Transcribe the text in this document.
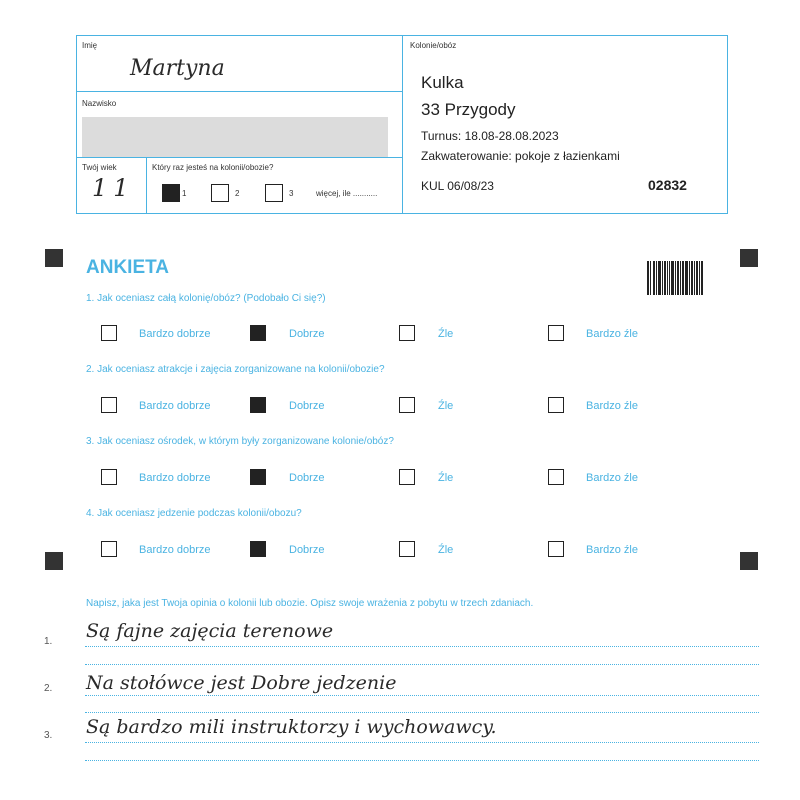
Imię
Martyna
Nazwisko
Twój wiek
11
Który raz jesteś na kolonii/obozie?
1	2	3	więcej, ile ...........
Kolonie/obóz
Kulka
33 Przygody
Turnus: 18.08-28.08.2023
Zakwaterowanie: pokoje z łazienkami
KUL 06/08/23	02832
ANKIETA
1. Jak oceniasz całą kolonię/obóz? (Podobało Ci się?)
Bardzo dobrze	Dobrze	Źle	Bardzo źle
2. Jak oceniasz atrakcje i zajęcia zorganizowane na kolonii/obozie?
Bardzo dobrze	Dobrze	Źle	Bardzo źle
3. Jak oceniasz ośrodek, w którym były zorganizowane kolonie/obóz?
Bardzo dobrze	Dobrze	Źle	Bardzo źle
4. Jak oceniasz jedzenie podczas kolonii/obozu?
Bardzo dobrze	Dobrze	Źle	Bardzo źle
Napisz, jaka jest Twoja opinia o kolonii lub obozie. Opisz swoje wrażenia z pobytu w trzech zdaniach.
1. Są fajne zajęcia terenowe
2. Na stołówce jest Dobre jedzenie
3. Są bardzo mili instruktorzy i wychowawcy.
